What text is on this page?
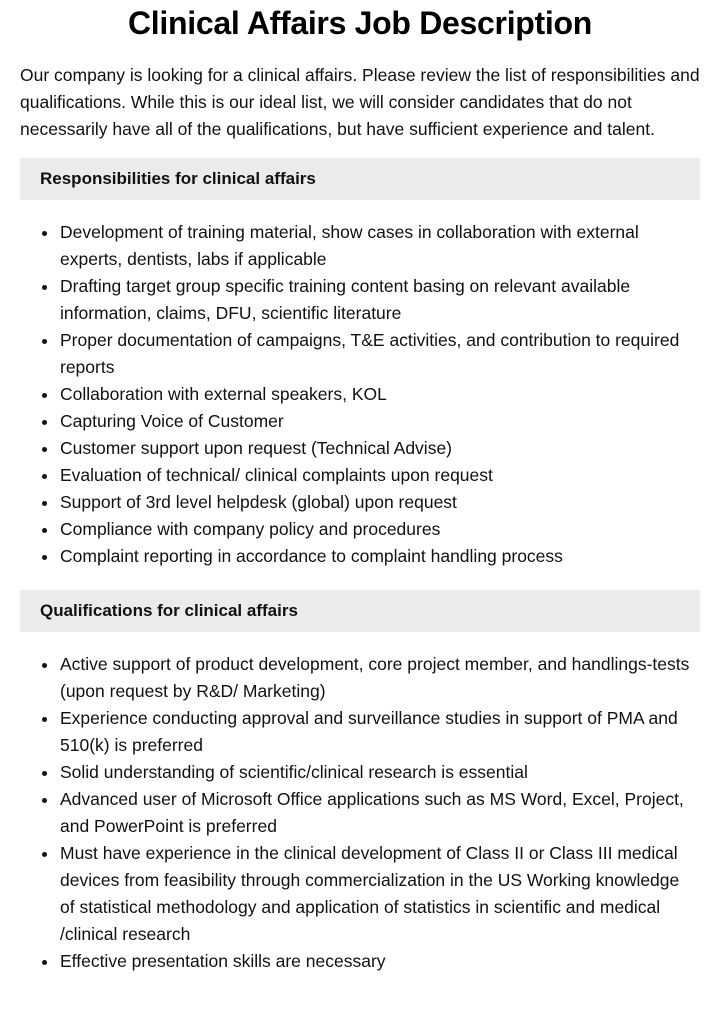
Clinical Affairs Job Description

Our company is looking for a clinical affairs. Please review the list of responsibilities and qualifications. While this is our ideal list, we will consider candidates that do not necessarily have all of the qualifications, but have sufficient experience and talent.

Responsibilities for clinical affairs
Development of training material, show cases in collaboration with external experts, dentists, labs if applicable
Drafting target group specific training content basing on relevant available information, claims, DFU, scientific literature
Proper documentation of campaigns, T&E activities, and contribution to required reports
Collaboration with external speakers, KOL
Capturing Voice of Customer
Customer support upon request (Technical Advise)
Evaluation of technical/ clinical complaints upon request
Support of 3rd level helpdesk (global) upon request
Compliance with company policy and procedures
Complaint reporting in accordance to complaint handling process
Qualifications for clinical affairs
Active support of product development, core project member, and handlings-tests (upon request by R&D/ Marketing)
Experience conducting approval and surveillance studies in support of PMA and 510(k) is preferred
Solid understanding of scientific/clinical research is essential
Advanced user of Microsoft Office applications such as MS Word, Excel, Project, and PowerPoint is preferred
Must have experience in the clinical development of Class II or Class III medical devices from feasibility through commercialization in the US Working knowledge of statistical methodology and application of statistics in scientific and medical /clinical research
Effective presentation skills are necessary
